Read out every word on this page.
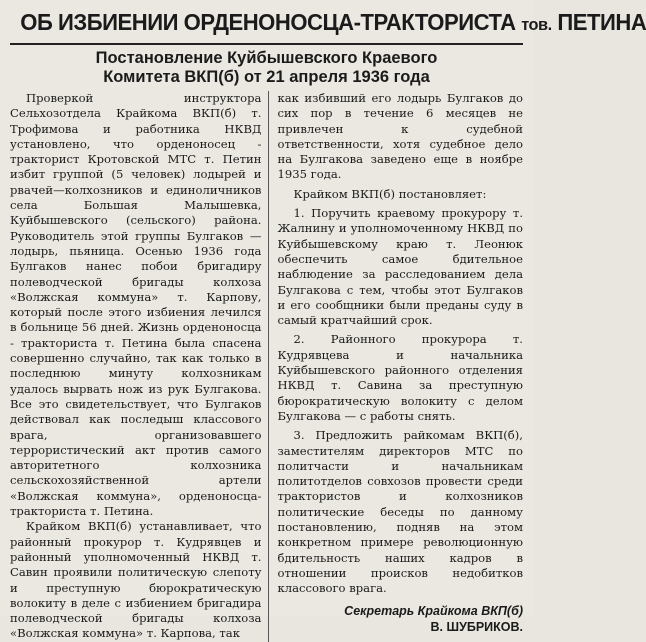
ОБ ИЗБИЕНИИ ОРДЕНОНОСЦА-ТРАКТОРИСТА тов. ПЕТИНА
Постановление Куйбышевского Краевого
Комитета ВКП(б) от 21 апреля 1936 года

Проверкой инструктора Сельхозотдела Крайкома ВКП(б) т. Трофимова и работника НКВД установлено, что орденоносец - тракторист Кротовской МТС т. Петин избит группой (5 человек) лодырей и рвачей—колхозников и единоличников села Большая Малышевка, Куйбышевского (сельского) района. Руководитель этой группы Булгаков — лодырь, пьяница. Осенью 1936 года Булгаков нанес побои бригадиру полеводческой бригады колхоза «Волжская коммуна» т. Карпову, который после этого избиения лечился в больнице 56 дней. Жизнь орденоносца - тракториста т. Петина была спасена совершенно случайно, так как только в последнюю минуту колхозникам удалось вырвать нож из рук Булгакова. Все это свидетельствует, что Булгаков действовал как последыш классового врага, организовавшего террористический акт против самого авторитетного колхозника сельскохозяйственной артели «Волжская коммуна», орденоносца-тракториста т. Петина.

Крайком ВКП(б) устанавливает, что районный прокурор т. Кудрявцев и районный уполномоченный НКВД т. Савин проявили политическую слепоту и преступную бюрократическую волокиту в деле с избиением бригадира полеводческой бригады колхоза «Волжская коммуна» т. Карпова, так

как избивший его лодырь Булгаков до сих пор в течение 6 месяцев не привлечен к судебной ответственности, хотя судебное дело на Булгакова заведено еще в ноябре 1935 года.

Крайком ВКП(б) постановляет:

1. Поручить краевому прокурору т. Жалнину и уполномоченному НКВД по Куйбышевскому краю т. Леонюк обеспечить самое бдительное наблюдение за расследованием дела Булгакова с тем, чтобы этот Булгаков и его сообщники были преданы суду в самый кратчайший срок.

2. Районного прокурора т. Кудрявцева и начальника Куйбышевского районного отделения НКВД т. Савина за преступную бюрократическую волокиту с делом Булгакова — с работы снять.

3. Предложить райкомам ВКП(б), заместителям директоров МТС по политчасти и начальникам политотделов совхозов провести среди трактористов и колхозников политические беседы по данному постановлению, подняв на этом конкретном примере революционную бдительность наших кадров в отношении происков недобитков классового врага.

Секретарь Крайкома ВКП(б)
В. ШУБРИКОВ.
